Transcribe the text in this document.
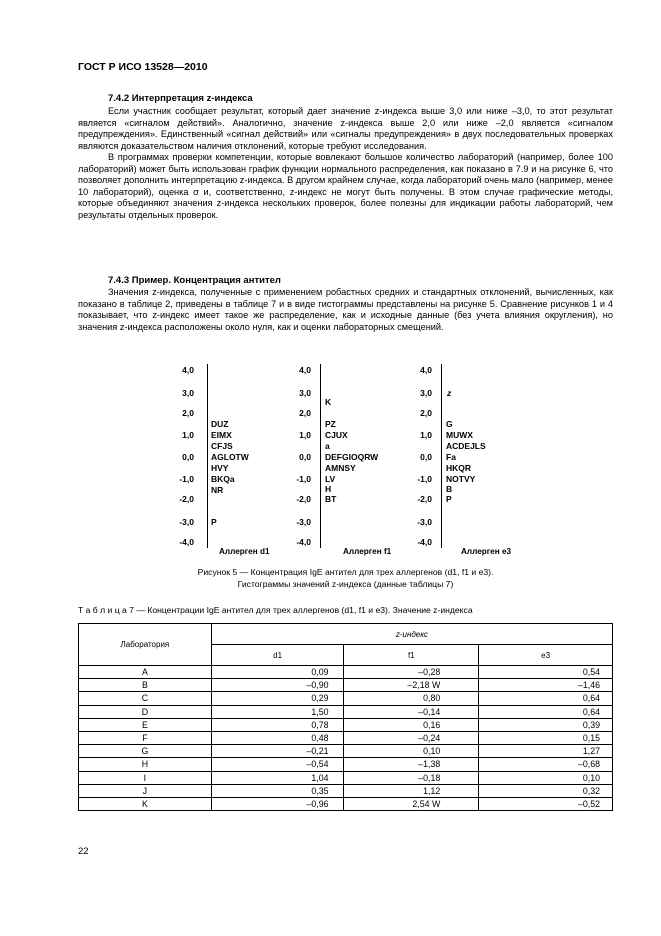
ГОСТ Р ИСО 13528—2010
7.4.2 Интерпретация z-индекса

Если участник сообщает результат, который дает значение z-индекса выше 3,0 или ниже –3,0, то этот результат является «сигналом действий». Аналогично, значение z-индекса выше 2,0 или ниже –2,0 является «сигналом предупреждения». Единственный «сигнал действий» или «сигналы предупреждения» в двух последовательных проверках являются доказательством наличия отклонений, которые требуют исследования.

В программах проверки компетенции, которые вовлекают большое количество лабораторий (например, более 100 лабораторий) может быть использован график функции нормального распределения, как показано в 7.9 и на рисунке 6, что позволяет дополнить интерпретацию z-индекса. В другом крайнем случае, когда лабораторий очень мало (например, менее 10 лабораторий), оценка σ и, соответственно, z-индекс не могут быть получены. В этом случае графические методы, которые объединяют значения z-индекса нескольких проверок, более полезны для индикации работы лабораторий, чем результаты отдельных проверок.

7.4.3 Пример. Концентрация антител

Значения z-индекса, полученные с применением робастных средних и стандартных отклонений, вычисленных, как показано в таблице 2, приведены в таблице 7 и в виде гистограммы представлены на рисунке 5. Сравнение рисунков 1 и 4 показывает, что z-индекс имеет такое же распределение, как и исходные данные (без учета влияния округления), но значения z-индекса расположены около нуля, как и оценки лабораторных смещений.

4,0
3,0
2,0
1,0
0,0
-1,0
-2,0
-3,0
-4,0
DUZ
EIMX
CFJS
AGLOTW
HVY
BKQa
NR
P
Аллерген d1
4,0
3,0
2,0
1,0
0,0
-1,0
-2,0
-3,0
-4,0
K
PZ
CJUX
a
DEFGIOQRW
AMNSY
LV
H
BT
Аллерген f1
4,0
3,0
2,0
1,0
0,0
-1,0
-2,0
-3,0
-4,0
z
G
MUWX
ACDEJLS
Fa
HKQR
NOTVY
B
P
Аллерген e3
Рисунок 5 — Концентрация IgE антител для трех аллергенов (d1, f1 и e3).
Гистограммы значений z-индекса (данные таблицы 7)
Т а б л и ц а 7 — Концентрации IgE антител для трех аллергенов (d1, f1 и e3). Значение z-индекса
Лаборатория	z-индекс		
	d1	f1	e3
A	0,09	–0,28	0,54
B	–0,90	–2,18 W	–1,46
C	0,29	0,80	0,64
D	1,50	–0,14	0,64
E	0,78	0,16	0,39
F	0,48	–0,24	0,15
G	–0,21	0,10	1,27
H	–0,54	–1,38	–0,68
I	1,04	–0,18	0,10
J	0,35	1,12	0,32
K	–0,96	2,54 W	–0,52
22
